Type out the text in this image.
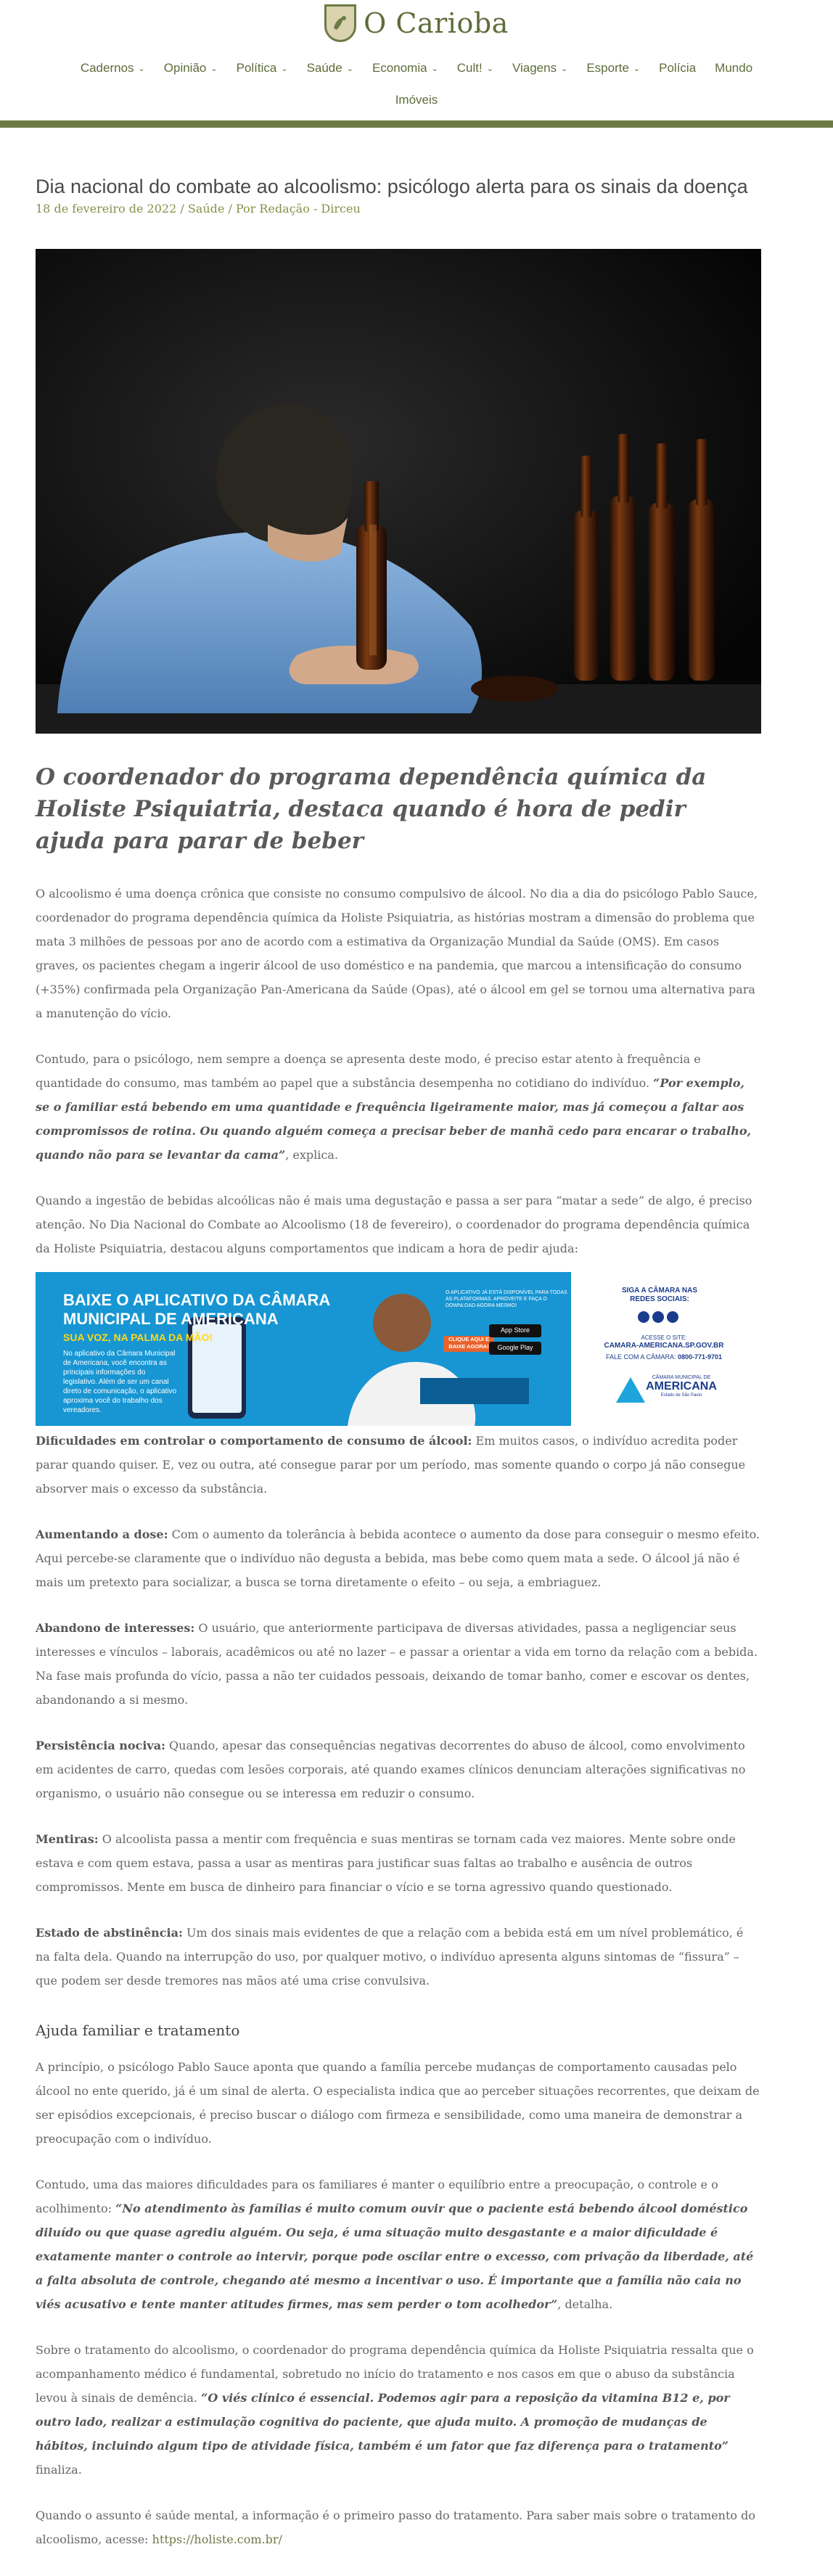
O Carioba
Cadernos ⌄ Opinião ⌄ Política ⌄ Saúde ⌄ Economia ⌄ Cult! ⌄ Viagens ⌄ Esporte ⌄ Polícia Mundo
Imóveis
Dia nacional do combate ao alcoolismo: psicólogo alerta para os sinais da doença
18 de fevereiro de 2022 / Saúde / Por Redação - Dirceu
O coordenador do programa dependência química da Holiste Psiquiatria, destaca quando é hora de pedir ajuda para parar de beber

O alcoolismo é uma doença crônica que consiste no consumo compulsivo de álcool. No dia a dia do psicólogo Pablo Sauce, coordenador do programa dependência química da Holiste Psiquiatria, as histórias mostram a dimensão do problema que mata 3 milhões de pessoas por ano de acordo com a estimativa da Organização Mundial da Saúde (OMS). Em casos graves, os pacientes chegam a ingerir álcool de uso doméstico e na pandemia, que marcou a intensificação do consumo (+35%) confirmada pela Organização Pan-Americana da Saúde (Opas), até o álcool em gel se tornou uma alternativa para a manutenção do vício.

Contudo, para o psicólogo, nem sempre a doença se apresenta deste modo, é preciso estar atento à frequência e quantidade do consumo, mas também ao papel que a substância desempenha no cotidiano do indivíduo. “Por exemplo, se o familiar está bebendo em uma quantidade e frequência ligeiramente maior, mas já começou a faltar aos compromissos de rotina. Ou quando alguém começa a precisar beber de manhã cedo para encarar o trabalho, quando não para se levantar da cama”, explica.

Quando a ingestão de bebidas alcoólicas não é mais uma degustação e passa a ser para “matar a sede” de algo, é preciso atenção. No Dia Nacional do Combate ao Alcoolismo (18 de fevereiro), o coordenador do programa dependência química da Holiste Psiquiatria, destacou alguns comportamentos que indicam a hora de pedir ajuda:

BAIXE O APLICATIVO DA CÂMARA
MUNICIPAL DE AMERICANA
SUA VOZ, NA PALMA DA MÃO!
No aplicativo da Câmara Municipal de Americana, você encontra as principais informações do legislativo. Além de ser um canal direto de comunicação, o aplicativo aproxima você do trabalho dos vereadores.
O APLICATIVO JÁ ESTÁ DISPONÍVEL PARA TODAS AS PLATAFORMAS. APROVEITE E FAÇA O DOWNLOAD AGORA MESMO!
CLIQUE AQUI E BAIXE AGORA!
App Store
Google Play
SIGA A CÂMARA NAS REDES SOCIAIS:
ACESSE O SITE:
CAMARA-AMERICANA.SP.GOV.BR
FALE COM A CÂMARA: 0800-771-9701
CÂMARA MUNICIPAL DE
AMERICANA
Estado de São Paulo

Dificuldades em controlar o comportamento de consumo de álcool: Em muitos casos, o indivíduo acredita poder parar quando quiser. E, vez ou outra, até consegue parar por um período, mas somente quando o corpo já não consegue absorver mais o excesso da substância.

Aumentando a dose: Com o aumento da tolerância à bebida acontece o aumento da dose para conseguir o mesmo efeito. Aqui percebe-se claramente que o indivíduo não degusta a bebida, mas bebe como quem mata a sede. O álcool já não é mais um pretexto para socializar, a busca se torna diretamente o efeito – ou seja, a embriaguez.

Abandono de interesses: O usuário, que anteriormente participava de diversas atividades, passa a negligenciar seus interesses e vínculos – laborais, acadêmicos ou até no lazer – e passar a orientar a vida em torno da relação com a bebida. Na fase mais profunda do vício, passa a não ter cuidados pessoais, deixando de tomar banho, comer e escovar os dentes, abandonando a si mesmo.

Persistência nociva: Quando, apesar das consequências negativas decorrentes do abuso de álcool, como envolvimento em acidentes de carro, quedas com lesões corporais, até quando exames clínicos denunciam alterações significativas no organismo, o usuário não consegue ou se interessa em reduzir o consumo.

Mentiras: O alcoolista passa a mentir com frequência e suas mentiras se tornam cada vez maiores. Mente sobre onde estava e com quem estava, passa a usar as mentiras para justificar suas faltas ao trabalho e ausência de outros compromissos. Mente em busca de dinheiro para financiar o vício e se torna agressivo quando questionado.

Estado de abstinência: Um dos sinais mais evidentes de que a relação com a bebida está em um nível problemático, é na falta dela. Quando na interrupção do uso, por qualquer motivo, o indivíduo apresenta alguns sintomas de “fissura” – que podem ser desde tremores nas mãos até uma crise convulsiva.

Ajuda familiar e tratamento

A princípio, o psicólogo Pablo Sauce aponta que quando a família percebe mudanças de comportamento causadas pelo álcool no ente querido, já é um sinal de alerta. O especialista indica que ao perceber situações recorrentes, que deixam de ser episódios excepcionais, é preciso buscar o diálogo com firmeza e sensibilidade, como uma maneira de demonstrar a preocupação com o indivíduo.

Contudo, uma das maiores dificuldades para os familiares é manter o equilíbrio entre a preocupação, o controle e o acolhimento: “No atendimento às famílias é muito comum ouvir que o paciente está bebendo álcool doméstico diluído ou que quase agrediu alguém. Ou seja, é uma situação muito desgastante e a maior dificuldade é exatamente manter o controle ao intervir, porque pode oscilar entre o excesso, com privação da liberdade, até a falta absoluta de controle, chegando até mesmo a incentivar o uso. É importante que a família não caia no viés acusativo e tente manter atitudes firmes, mas sem perder o tom acolhedor”, detalha.

Sobre o tratamento do alcoolismo, o coordenador do programa dependência química da Holiste Psiquiatria ressalta que o acompanhamento médico é fundamental, sobretudo no início do tratamento e nos casos em que o abuso da substância levou à sinais de demência. “O viés clínico é essencial. Podemos agir para a reposição da vitamina B12 e, por outro lado, realizar a estimulação cognitiva do paciente, que ajuda muito. A promoção de mudanças de hábitos, incluindo algum tipo de atividade física, também é um fator que faz diferença para o tratamento” finaliza.

Quando o assunto é saúde mental, a informação é o primeiro passo do tratamento. Para saber mais sobre o tratamento do alcoolismo, acesse: https://holiste.com.br/
